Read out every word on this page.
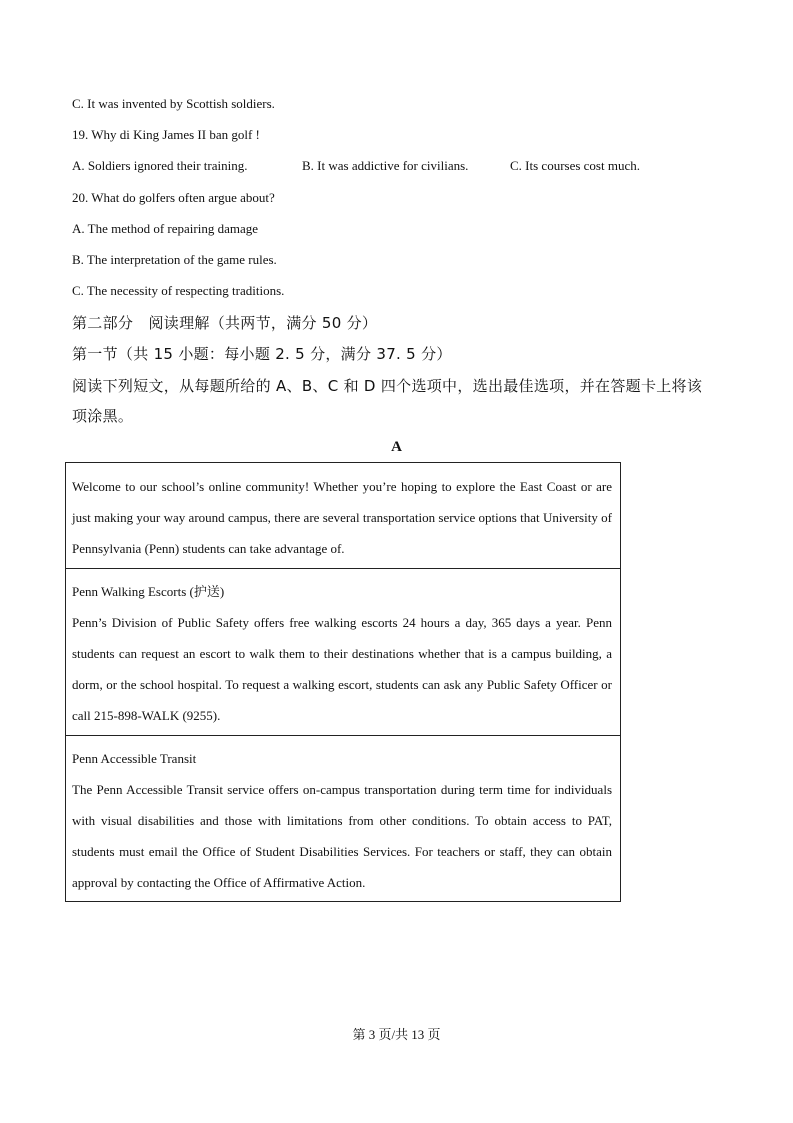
C. It was invented by Scottish soldiers.
19. Why di King James II ban golf !
A. Soldiers ignored their training.	B. It was addictive for civilians.	C. Its courses cost much.
20. What do golfers often argue about?
A. The method of repairing damage
B. The interpretation of the game rules.
C. The necessity of respecting traditions.
第二部分　阅读理解（共两节，满分 50 分）
第一节（共 15 小题：每小题 2. 5 分，满分 37. 5 分）
阅读下列短文，从每题所给的 A、B、C 和 D 四个选项中，选出最佳选项，并在答题卡上将该
项涂黑。
A

Welcome to our school’s online community! Whether you’re hoping to explore the East Coast or are just making your way around campus, there are several transportation service options that University of Pennsylvania (Penn) students can take advantage of.

Penn Walking Escorts (护送)

Penn’s Division of Public Safety offers free walking escorts 24 hours a day, 365 days a year. Penn students can request an escort to walk them to their destinations whether that is a campus building, a dorm, or the school hospital. To request a walking escort, students can ask any Public Safety Officer or call 215-898-WALK (9255).

Penn Accessible Transit

The Penn Accessible Transit service offers on-campus transportation during term time for individuals with visual disabilities and those with limitations from other conditions. To obtain access to PAT, students must email the Office of Student Disabilities Services. For teachers or staff, they can obtain approval by contacting the Office of Affirmative Action.

第 3 页/共 13 页
